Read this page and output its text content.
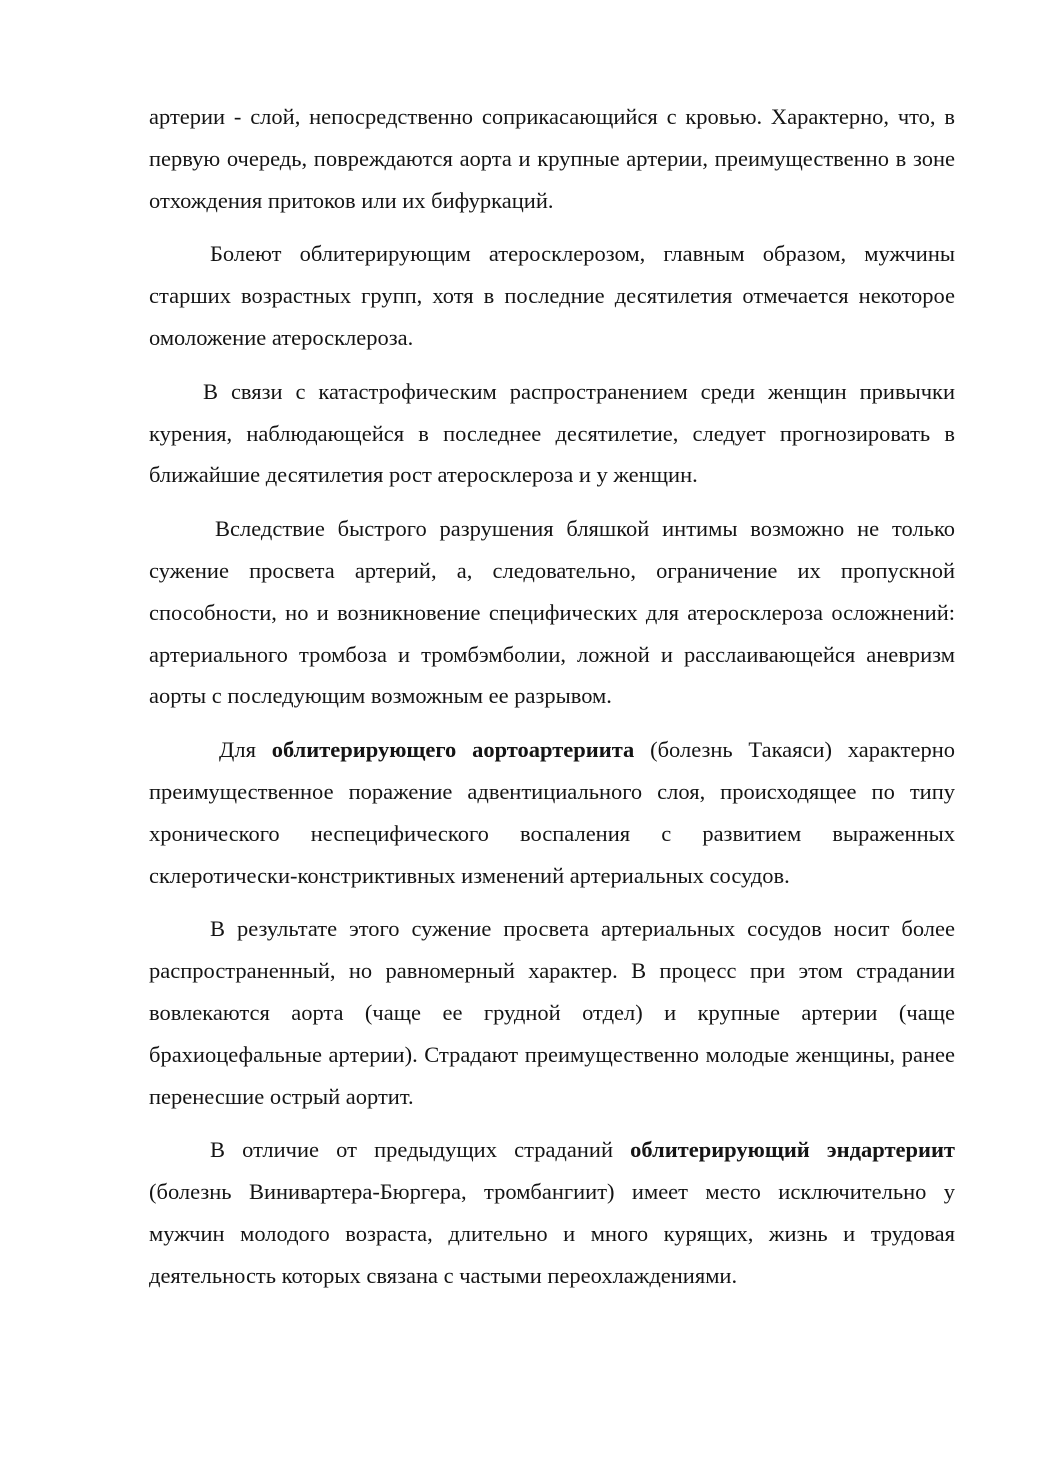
артерии - слой, непосредственно соприкасающийся с кровью. Характерно, что, в первую очередь, повреждаются аорта и крупные артерии, преимущественно в зоне отхождения притоков или их бифуркаций.

Болеют облитерирующим атеросклерозом, главным образом, мужчины старших возрастных групп, хотя в последние десятилетия отмечается некоторое омоложение атеросклероза.

В связи с катастрофическим распространением среди женщин привычки курения, наблюдающейся в последнее десятилетие, следует прогнозировать в ближайшие десятилетия рост атеросклероза и у женщин.

Вследствие быстрого разрушения бляшкой интимы возможно не только сужение просвета артерий, а, следовательно, ограничение их пропускной способности, но и возникновение специфических для атеросклероза осложнений: артериального тромбоза и тромбэмболии, ложной и расслаивающейся аневризм аорты с последующим возможным ее разрывом.

Для облитерирующего аортоартериита (болезнь Такаяси) характерно преимущественное поражение адвентициального слоя, происходящее по типу хронического неспецифического воспаления с развитием выраженных склеротически-констриктивных изменений артериальных сосудов.

В результате этого сужение просвета артериальных сосудов носит более распространенный, но равномерный характер. В процесс при этом страдании вовлекаются аорта (чаще ее грудной отдел) и крупные артерии (чаще брахиоцефальные артерии). Страдают преимущественно молодые женщины, ранее перенесшие острый аортит.

В отличие от предыдущих страданий облитерирующий эндартериит (болезнь Винивартера-Бюргера, тромбангиит) имеет место исключительно у мужчин молодого возраста, длительно и много курящих, жизнь и трудовая деятельность которых связана с частыми переохлаждениями.
